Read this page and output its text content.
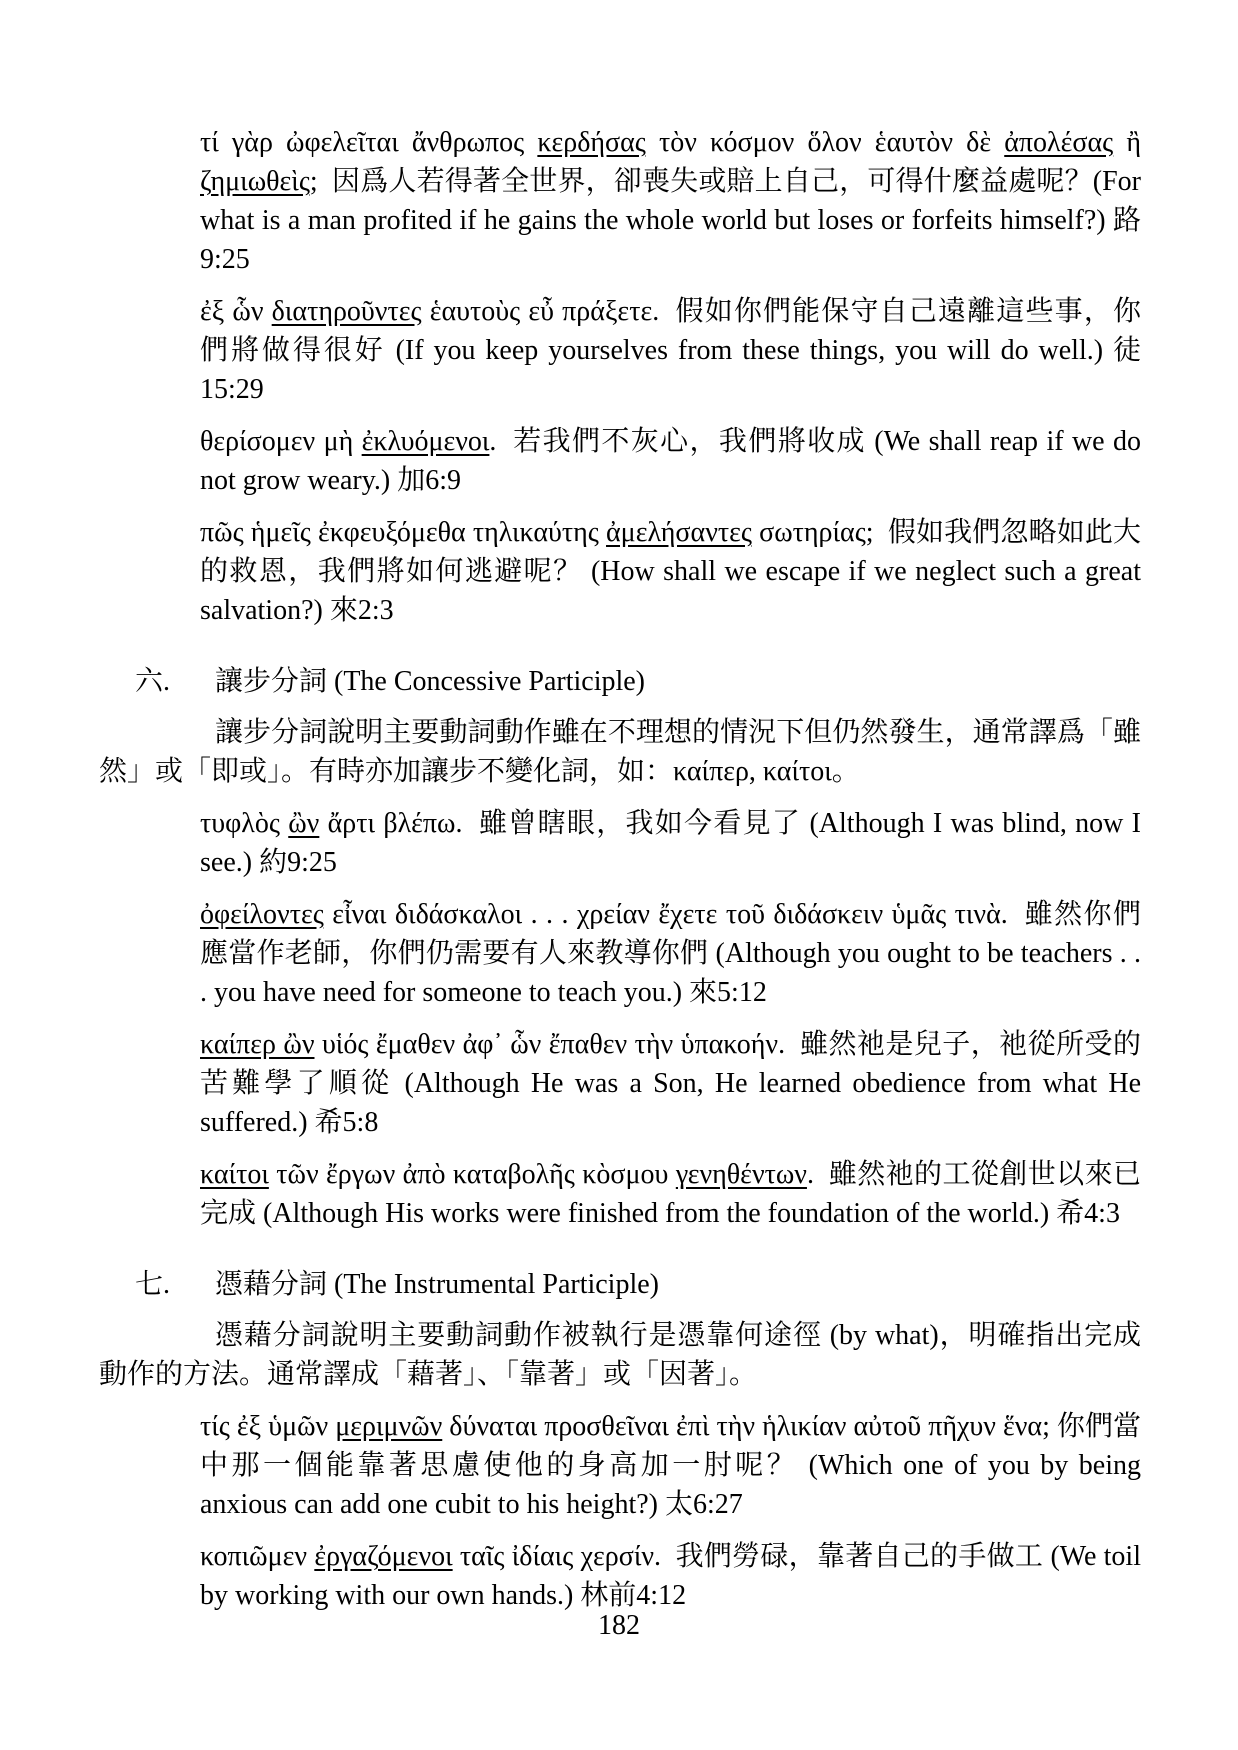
τί γὰρ ὠφελεῖται ἄνθρωπος κερδήσας τὸν κόσμον ὅλον ἑαυτὸν δὲ ἀπολέσας ἢ ζημιωθεὶς;  因爲人若得著全世界，卻喪失或賠上自己，可得什麼益處呢？(For what is a man profited if he gains the whole world but loses or forfeits himself?) 路9:25

ἐξ ὧν διατηροῦντες ἑαυτοὺς εὖ πράξετε.  假如你們能保守自己遠離這些事，你們將做得很好 (If you keep yourselves from these things, you will do well.) 徒15:29

θερίσομεν μὴ ἐκλυόμενοι.  若我們不灰心，我們將收成 (We shall reap if we do not grow weary.) 加6:9

πῶς ἡμεῖς ἐκφευξόμεθα τηλικαύτης ἀμελήσαντες σωτηρίας;  假如我們忽略如此大的救恩，我們將如何逃避呢？ (How shall we escape if we neglect such a great salvation?) 來2:3

六. 讓步分詞 (The Concessive Participle)

讓步分詞說明主要動詞動作雖在不理想的情況下但仍然發生，通常譯爲「雖然」或「即或」。有時亦加讓步不變化詞，如：καίπερ, καίτοι。

τυφλὸς ὢν ἄρτι βλέπω.  雖曾瞎眼，我如今看見了 (Although I was blind, now I see.) 約9:25

ὀφείλοντες εἶναι διδάσκαλοι . . . χρείαν ἔχετε τοῦ διδάσκειν ὑμᾶς τινὰ.  雖然你們應當作老師，你們仍需要有人來教導你們 (Although you ought to be teachers . . . you have need for someone to teach you.) 來5:12

καίπερ ὢν υἱός ἔμαθεν ἀφ᾽ ὧν ἔπαθεν τὴν ὑπακοήν.  雖然祂是兒子，祂從所受的苦難學了順從 (Although He was a Son, He learned obedience from what He suffered.) 希5:8

καίτοι τῶν ἔργων ἀπὸ καταβολῆς κὸσμου γενηθέντων.  雖然祂的工從創世以來已完成 (Although His works were finished from the foundation of the world.) 希4:3

七. 憑藉分詞 (The Instrumental Participle)

憑藉分詞說明主要動詞動作被執行是憑靠何途徑 (by what)，明確指出完成動作的方法。通常譯成「藉著」、「靠著」或「因著」。

τίς ἐξ ὑμῶν μεριμνῶν δύναται προσθεῖναι ἐπὶ τὴν ἡλικίαν αὐτοῦ πῆχυν ἕνα; 你們當中那一個能靠著思慮使他的身高加一肘呢？ (Which one of you by being anxious can add one cubit to his height?) 太6:27

κοπιῶμεν ἐργαζόμενοι ταῖς ἰδίαις χερσίν.  我們勞碌，靠著自己的手做工 (We toil by working with our own hands.) 林前4:12

182
